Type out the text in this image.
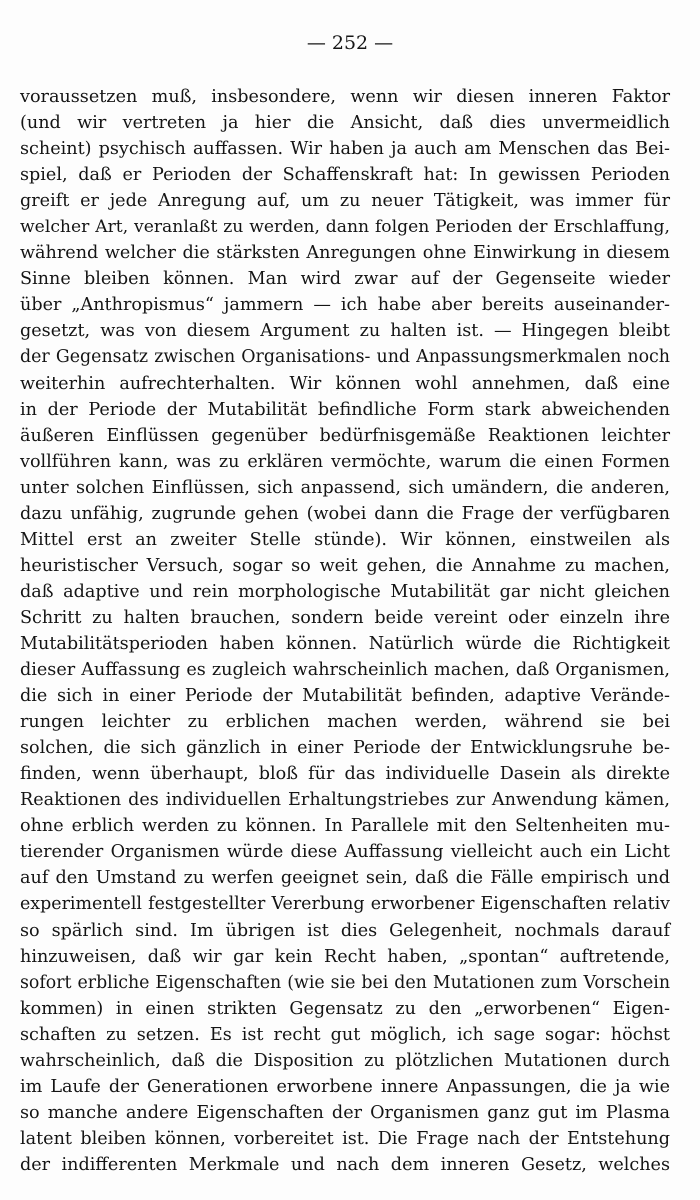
— 252 —
voraussetzen muß, insbesondere, wenn wir diesen inneren Faktor
(und wir vertreten ja hier die Ansicht, daß dies unvermeidlich
scheint) psychisch auffassen. Wir haben ja auch am Menschen das Bei-
spiel, daß er Perioden der Schaffenskraft hat: In gewissen Perioden
greift er jede Anregung auf, um zu neuer Tätigkeit, was immer für
welcher Art, veranlaßt zu werden, dann folgen Perioden der Erschlaffung,
während welcher die stärksten Anregungen ohne Einwirkung in diesem
Sinne bleiben können. Man wird zwar auf der Gegenseite wieder
über „Anthropismus“ jammern — ich habe aber bereits auseinander-
gesetzt, was von diesem Argument zu halten ist. — Hingegen bleibt
der Gegensatz zwischen Organisations- und Anpassungsmerkmalen noch
weiterhin aufrechterhalten. Wir können wohl annehmen, daß eine
in der Periode der Mutabilität befindliche Form stark abweichenden
äußeren Einflüssen gegenüber bedürfnisgemäße Reaktionen leichter
vollführen kann, was zu erklären vermöchte, warum die einen Formen
unter solchen Einflüssen, sich anpassend, sich umändern, die anderen,
dazu unfähig, zugrunde gehen (wobei dann die Frage der verfügbaren
Mittel erst an zweiter Stelle stünde). Wir können, einstweilen als
heuristischer Versuch, sogar so weit gehen, die Annahme zu machen,
daß adaptive und rein morphologische Mutabilität gar nicht gleichen
Schritt zu halten brauchen, sondern beide vereint oder einzeln ihre
Mutabilitätsperioden haben können. Natürlich würde die Richtigkeit
dieser Auffassung es zugleich wahrscheinlich machen, daß Organismen,
die sich in einer Periode der Mutabilität befinden, adaptive Verände-
rungen leichter zu erblichen machen werden, während sie bei
solchen, die sich gänzlich in einer Periode der Entwicklungsruhe be-
finden, wenn überhaupt, bloß für das individuelle Dasein als direkte
Reaktionen des individuellen Erhaltungstriebes zur Anwendung kämen,
ohne erblich werden zu können. In Parallele mit den Seltenheiten mu-
tierender Organismen würde diese Auffassung vielleicht auch ein Licht
auf den Umstand zu werfen geeignet sein, daß die Fälle empirisch und
experimentell festgestellter Vererbung erworbener Eigenschaften relativ
so spärlich sind. Im übrigen ist dies Gelegenheit, nochmals darauf
hinzuweisen, daß wir gar kein Recht haben, „spontan“ auftretende,
sofort erbliche Eigenschaften (wie sie bei den Mutationen zum Vorschein
kommen) in einen strikten Gegensatz zu den „erworbenen“ Eigen-
schaften zu setzen. Es ist recht gut möglich, ich sage sogar: höchst
wahrscheinlich, daß die Disposition zu plötzlichen Mutationen durch
im Laufe der Generationen erworbene innere Anpassungen, die ja wie
so manche andere Eigenschaften der Organismen ganz gut im Plasma
latent bleiben können, vorbereitet ist. Die Frage nach der Entstehung
der indifferenten Merkmale und nach dem inneren Gesetz, welches
